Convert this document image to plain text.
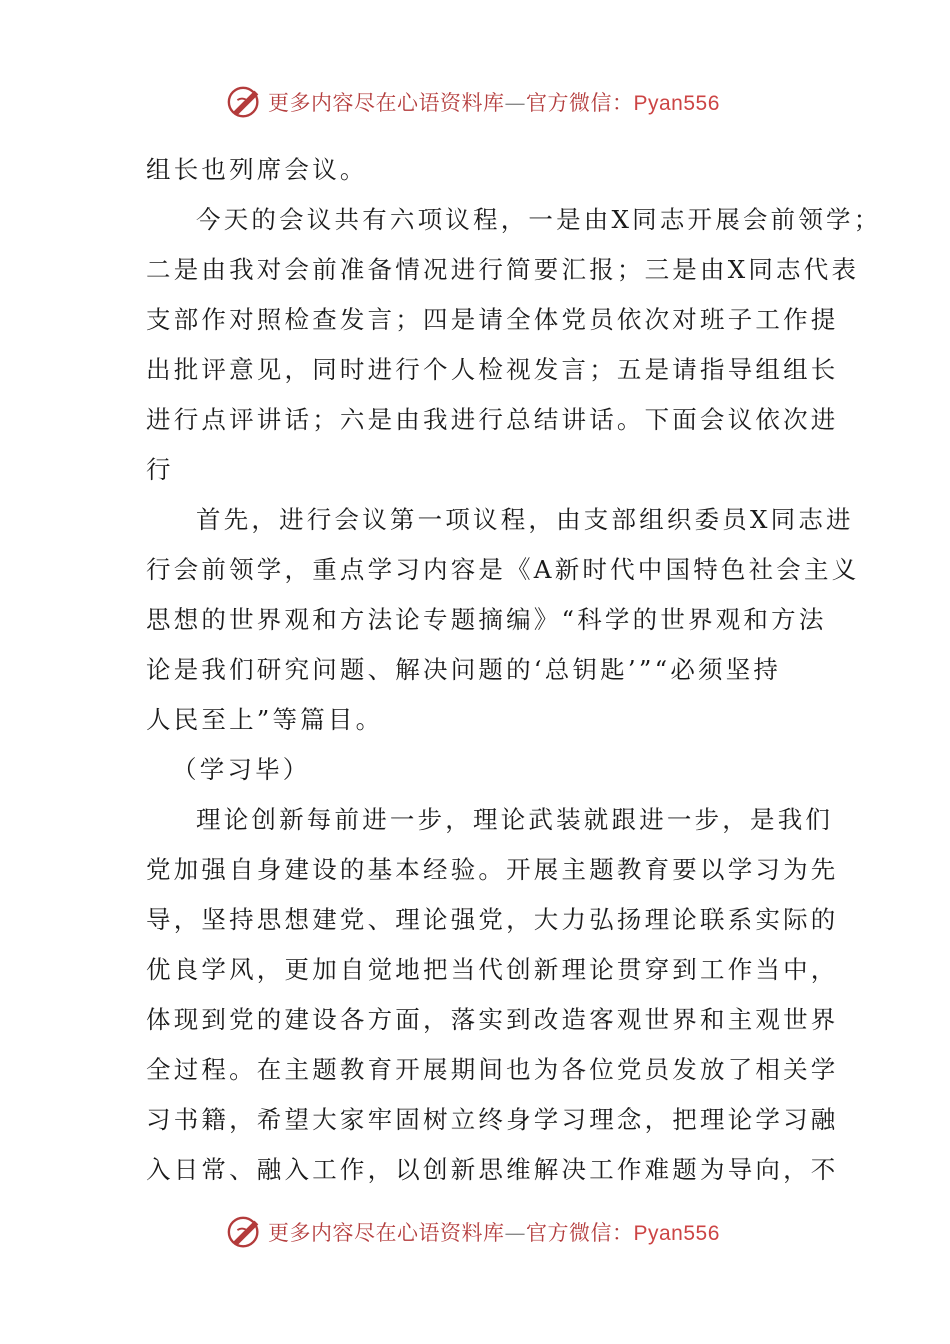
更多内容尽在心语资料库—官方微信：Pyan556
组长也列席会议。
今天的会议共有六项议程，一是由X同志开展会前领学；
二是由我对会前准备情况进行简要汇报；三是由X同志代表
支部作对照检查发言；四是请全体党员依次对班子工作提
出批评意见，同时进行个人检视发言；五是请指导组组长
进行点评讲话；六是由我进行总结讲话。下面会议依次进
行
首先，进行会议第一项议程，由支部组织委员X同志进
行会前领学，重点学习内容是《A新时代中国特色社会主义
思想的世界观和方法论专题摘编》“科学的世界观和方法
论是我们研究问题、解决问题的‘总钥匙’”“必须坚持
人民至上”等篇目。
（学习毕）
理论创新每前进一步，理论武装就跟进一步，是我们
党加强自身建设的基本经验。开展主题教育要以学习为先
导，坚持思想建党、理论强党，大力弘扬理论联系实际的
优良学风，更加自觉地把当代创新理论贯穿到工作当中，
体现到党的建设各方面，落实到改造客观世界和主观世界
全过程。在主题教育开展期间也为各位党员发放了相关学
习书籍，希望大家牢固树立终身学习理念，把理论学习融
入日常、融入工作，以创新思维解决工作难题为导向，不
更多内容尽在心语资料库—官方微信：Pyan556
